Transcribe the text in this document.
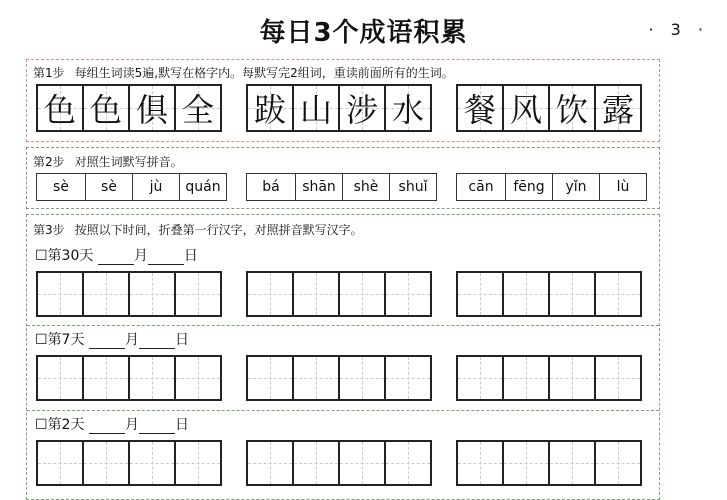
每日3个成语积累	· 3 ·
第1步 每组生词读5遍,默写在格字内。每默写完2组词，重读前面所有的生词。
色 色 俱 全 跋 山 涉 水 餐 风 饮 露
第2步 对照生词默写拼音。
sè	sè	jù	quán	bá	shān	shè	shuǐ	cān	fēng	yǐn	lù
第3步 按照以下时间，折叠第一行汉字，对照拼音默写汉字。
☐第30天	月	日
☐第7天	月	日
☐第2天	月	日
